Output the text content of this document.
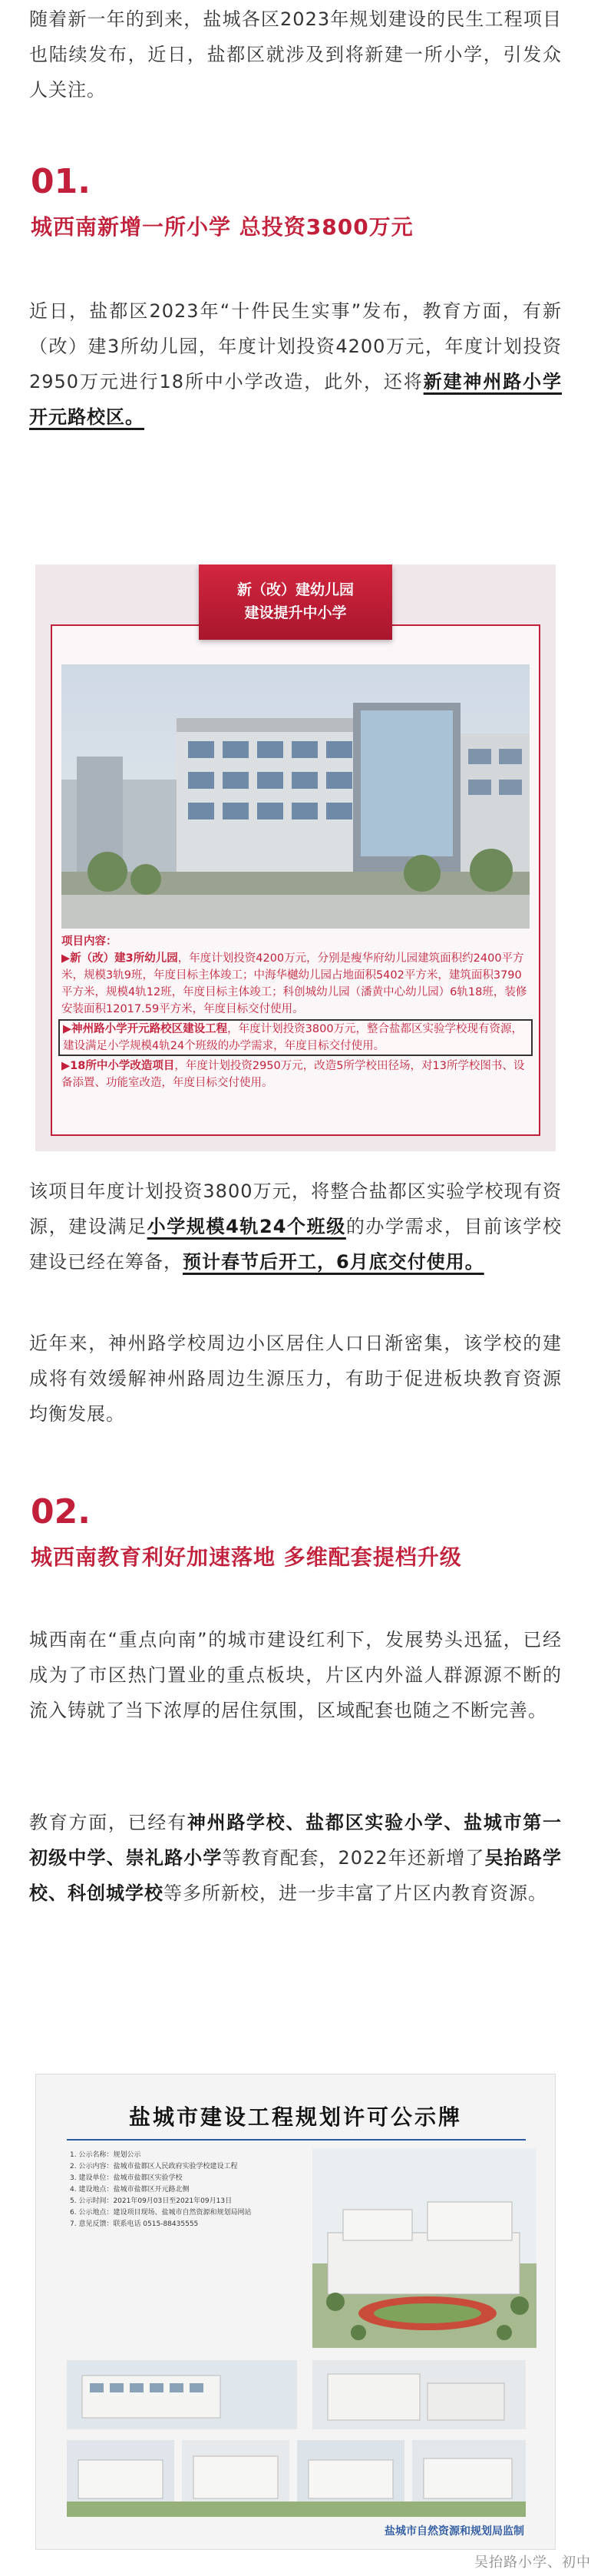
随着新一年的到来，盐城各区2023年规划建设的民生工程项目也陆续发布，近日，盐都区就涉及到将新建一所小学，引发众人关注。

01.
城西南新增一所小学 总投资3800万元

近日，盐都区2023年“十件民生实事”发布，教育方面，有新（改）建3所幼儿园，年度计划投资4200万元，年度计划投资2950万元进行18所中小学改造，此外，还将新建神州路小学开元路校区。

新（改）建幼儿园
建设提升中小学
项目内容：
▶新（改）建3所幼儿园，年度计划投资4200万元，分别是瘦华府幼儿园建筑面积约2400平方米，规模3轨9班，年度目标主体竣工；中海华樾幼儿园占地面积5402平方米，建筑面积3790平方米，规模4轨12班，年度目标主体竣工；科创城幼儿园（潘黄中心幼儿园）6轨18班，装修安装面积12017.59平方米，年度目标交付使用。
▶神州路小学开元路校区建设工程，年度计划投资3800万元，整合盐都区实验学校现有资源，建设满足小学规模4轨24个班级的办学需求，年度目标交付使用。
▶18所中小学改造项目，年度计划投资2950万元，改造5所学校田径场，对13所学校图书、设备添置、功能室改造，年度目标交付使用。

该项目年度计划投资3800万元，将整合盐都区实验学校现有资源，建设满足小学规模4轨24个班级的办学需求，目前该学校建设已经在筹备，预计春节后开工，6月底交付使用。

近年来，神州路学校周边小区居住人口日渐密集，该学校的建成将有效缓解神州路周边生源压力，有助于促进板块教育资源均衡发展。

02.
城西南教育利好加速落地 多维配套提档升级

城西南在“重点向南”的城市建设红利下，发展势头迅猛，已经成为了市区热门置业的重点板块，片区内外溢人群源源不断的流入铸就了当下浓厚的居住氛围，区域配套也随之不断完善。

教育方面，已经有神州路学校、盐都区实验小学、盐城市第一初级中学、崇礼路小学等教育配套，2022年还新增了吴抬路学校、科创城学校等多所新校，进一步丰富了片区内教育资源。

盐城市建设工程规划许可公示牌
1. 公示名称：规划公示
2. 公示内容：盐城市盐都区人民政府实验学校建设工程
3. 建设单位：盐城市盐都区实验学校
4. 建设地点：盐城市盐都区开元路北侧
5. 公示时间：2021年09月03日至2021年09月13日
6. 公示地点：建设项目现场、盐城市自然资源和规划局网站
7. 意见反馈：联系电话 0515-88435555
盐城市自然资源和规划局监制
吴抬路小学、初中
